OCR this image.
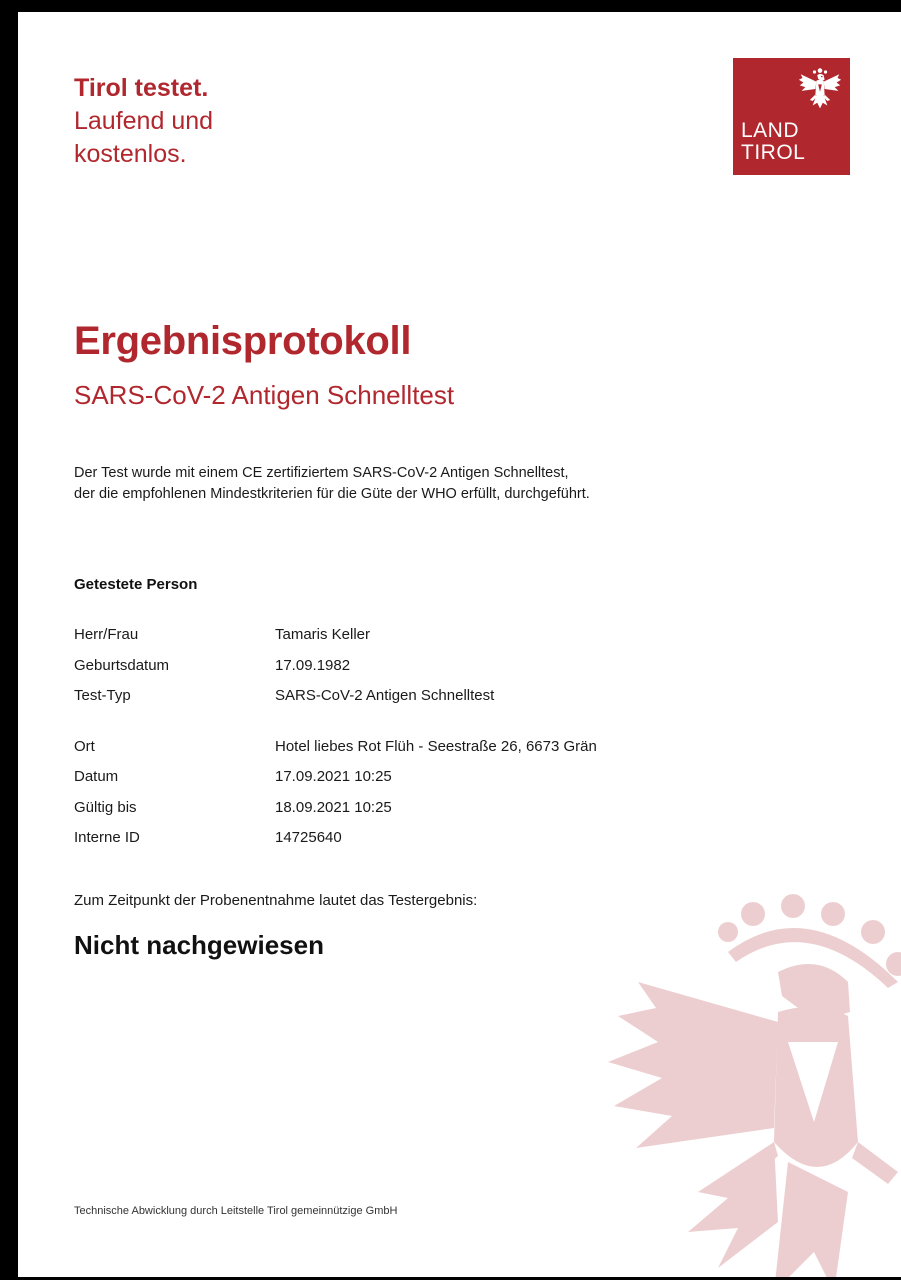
Tirol testet.
Laufend und
kostenlos.
LAND
TIROL
Ergebnisprotokoll
SARS-CoV-2 Antigen Schnelltest
Der Test wurde mit einem CE zertifiziertem SARS-CoV-2 Antigen Schnelltest,
der die empfohlenen Mindestkriterien für die Güte der WHO erfüllt, durchgeführt.
Getestete Person
Herr/Frau	Tamaris Keller
Geburtsdatum	17.09.1982
Test-Typ	SARS-CoV-2 Antigen Schnelltest
Ort	Hotel liebes Rot Flüh - Seestraße 26, 6673 Grän
Datum	17.09.2021 10:25
Gültig bis	18.09.2021 10:25
Interne ID	14725640
Zum Zeitpunkt der Probenentnahme lautet das Testergebnis:
Nicht nachgewiesen
Technische Abwicklung durch Leitstelle Tirol gemeinnützige GmbH
